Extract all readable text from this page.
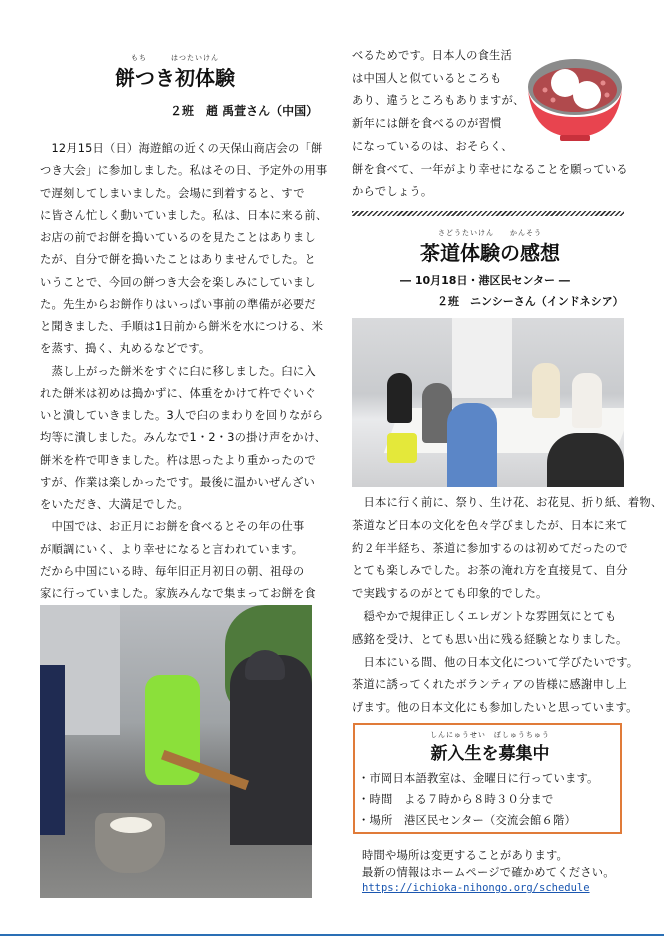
もち　　　はつたいけん
餅つき初体験
２班　趙 禹萱さん（中国）
　12月15日（日）海遊館の近くの天保山商店会の「餅
つき大会」に参加しました。私はその日、予定外の用事
で遅刻してしまいました。会場に到着すると、すで
に皆さん忙しく動いていました。私は、日本に来る前、
お店の前でお餅を搗いているのを見たことはありまし
たが、自分で餅を搗いたことはありませんでした。と
いうことで、今回の餅つき大会を楽しみにしていまし
た。先生からお餅作りはいっぱい事前の準備が必要だ
と聞きました、手順は1日前から餅米を水につける、米
を蒸す、搗く、丸めるなどです。
　蒸し上がった餅米をすぐに臼に移しました。臼に入
れた餅米は初めは搗かずに、体重をかけて杵でぐいぐ
いと潰していきました。3人で臼のまわりを回りながら
均等に潰しました。みんなで1・2・3の掛け声をかけ、
餅米を杵で叩きました。杵は思ったより重かったので
すが、作業は楽しかったです。最後に温かいぜんざい
をいただき、大満足でした。
　中国では、お正月にお餅を食べるとその年の仕事
が順調にいく、より幸せになると言われています。
だから中国にいる時、毎年旧正月初日の朝、祖母の
家に行っていました。家族みんなで集まってお餅を食
べるためです。日本人の食生活
は中国人と似ているところも
あり、違うところもありますが、
新年には餅を食べるのが習慣
になっているのは、おそらく、
餅を食べて、一年がより幸せになることを願っている
からでしょう。
さどうたいけん　　かんそう
茶道体験の感想
― 10月18日・港区民センター ―
２班　ニンシーさん（インドネシア）
　日本に行く前に、祭り、生け花、お花見、折り紙、着物、
茶道など日本の文化を色々学びましたが、日本に来て
約２年半経ち、茶道に参加するのは初めてだったので
とても楽しみでした。お茶の淹れ方を直接見て、自分
で実践するのがとても印象的でした。
　穏やかで規律正しくエレガントな雰囲気にとても
感銘を受け、とても思い出に残る経験となりました。
　日本にいる間、他の日本文化について学びたいです。
茶道に誘ってくれたボランティアの皆様に感謝申し上
げます。他の日本文化にも参加したいと思っています。
しんにゅうせい　ぼしゅうちゅう
新入生を募集中
・市岡日本語教室は、金曜日に行っています。
・時間　よる７時から８時３０分まで
・場所　港区民センター（交流会館６階）
時間や場所は変更することがあります。
最新の情報はホームページで確かめてください。
https://ichioka-nihongo.org/schedule
